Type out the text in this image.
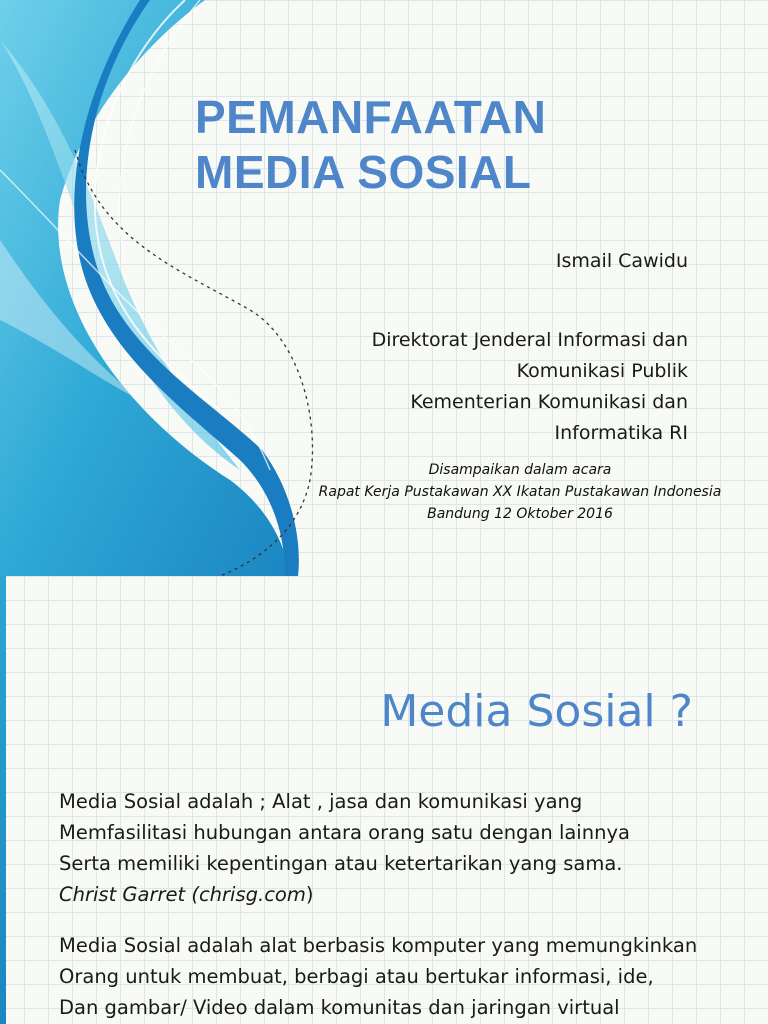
PEMANFAATAN
MEDIA SOSIAL
Ismail Cawidu
Direktorat Jenderal Informasi dan
Komunikasi Publik
Kementerian Komunikasi dan
Informatika RI
Disampaikan dalam acara
Rapat Kerja Pustakawan XX Ikatan Pustakawan Indonesia
Bandung 12 Oktober 2016
Media Sosial ?
Media Sosial adalah ; Alat , jasa dan komunikasi yang
Memfasilitasi hubungan antara orang satu dengan lainnya
Serta memiliki kepentingan atau ketertarikan yang sama.
Christ Garret (chrisg.com)
Media Sosial adalah alat berbasis komputer yang memungkinkan
Orang untuk membuat, berbagi atau bertukar informasi, ide,
Dan gambar/ Video dalam komunitas dan jaringan virtual
